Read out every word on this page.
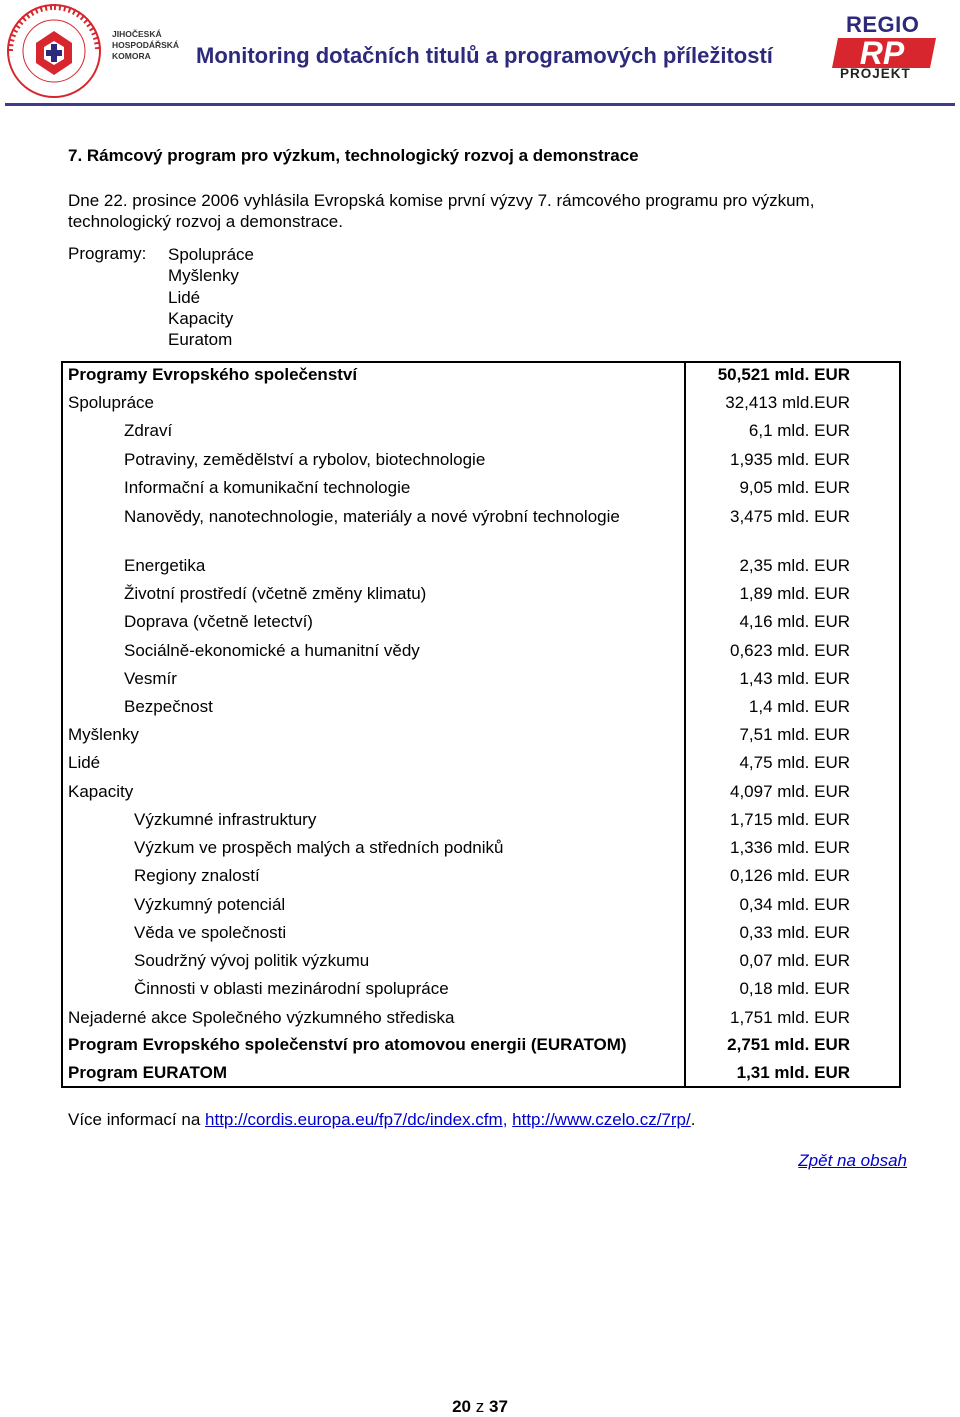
JIHOČESKÁ
HOSPODÁŘSKÁ
KOMORA	Monitoring dotačních titulů a programových příležitostí
REGIO
RP
PROJEKT
7. Rámcový program pro výzkum, technologický rozvoj a demonstrace
Dne 22. prosince 2006 vyhlásila Evropská komise první výzvy 7. rámcového programu pro výzkum, technologický rozvoj a demonstrace.
Programy: Spolupráce
Myšlenky
Lidé
Kapacity
Euratom
Programy Evropského společenství	50,521 mld. EUR
Spolupráce	32,413 mld.EUR
Zdraví	6,1 mld. EUR
Potraviny, zemědělství a rybolov, biotechnologie	1,935 mld. EUR
Informační a komunikační technologie	9,05 mld. EUR
Nanovědy, nanotechnologie, materiály a nové výrobní technologie	3,475 mld. EUR
Energetika	2,35 mld. EUR
Životní prostředí (včetně změny klimatu)	1,89 mld. EUR
Doprava (včetně letectví)	4,16 mld. EUR
Sociálně-ekonomické a humanitní vědy	0,623 mld. EUR
Vesmír	1,43 mld. EUR
Bezpečnost	1,4 mld. EUR
Myšlenky	7,51 mld. EUR
Lidé	4,75 mld. EUR
Kapacity	4,097 mld. EUR
Výzkumné infrastruktury	1,715 mld. EUR
Výzkum ve prospěch malých a středních podniků	1,336 mld. EUR
Regiony znalostí	0,126 mld. EUR
Výzkumný potenciál	0,34 mld. EUR
Věda ve společnosti	0,33 mld. EUR
Soudržný vývoj politik výzkumu	0,07 mld. EUR
Činnosti v oblasti mezinárodní spolupráce	0,18 mld. EUR
Nejaderné akce Společného výzkumného střediska	1,751 mld. EUR
Program Evropského společenství pro atomovou energii (EURATOM)	2,751 mld. EUR
Program EURATOM	1,31 mld. EUR
Více informací na http://cordis.europa.eu/fp7/dc/index.cfm, http://www.czelo.cz/7rp/.
Zpět na obsah
20 z 37
